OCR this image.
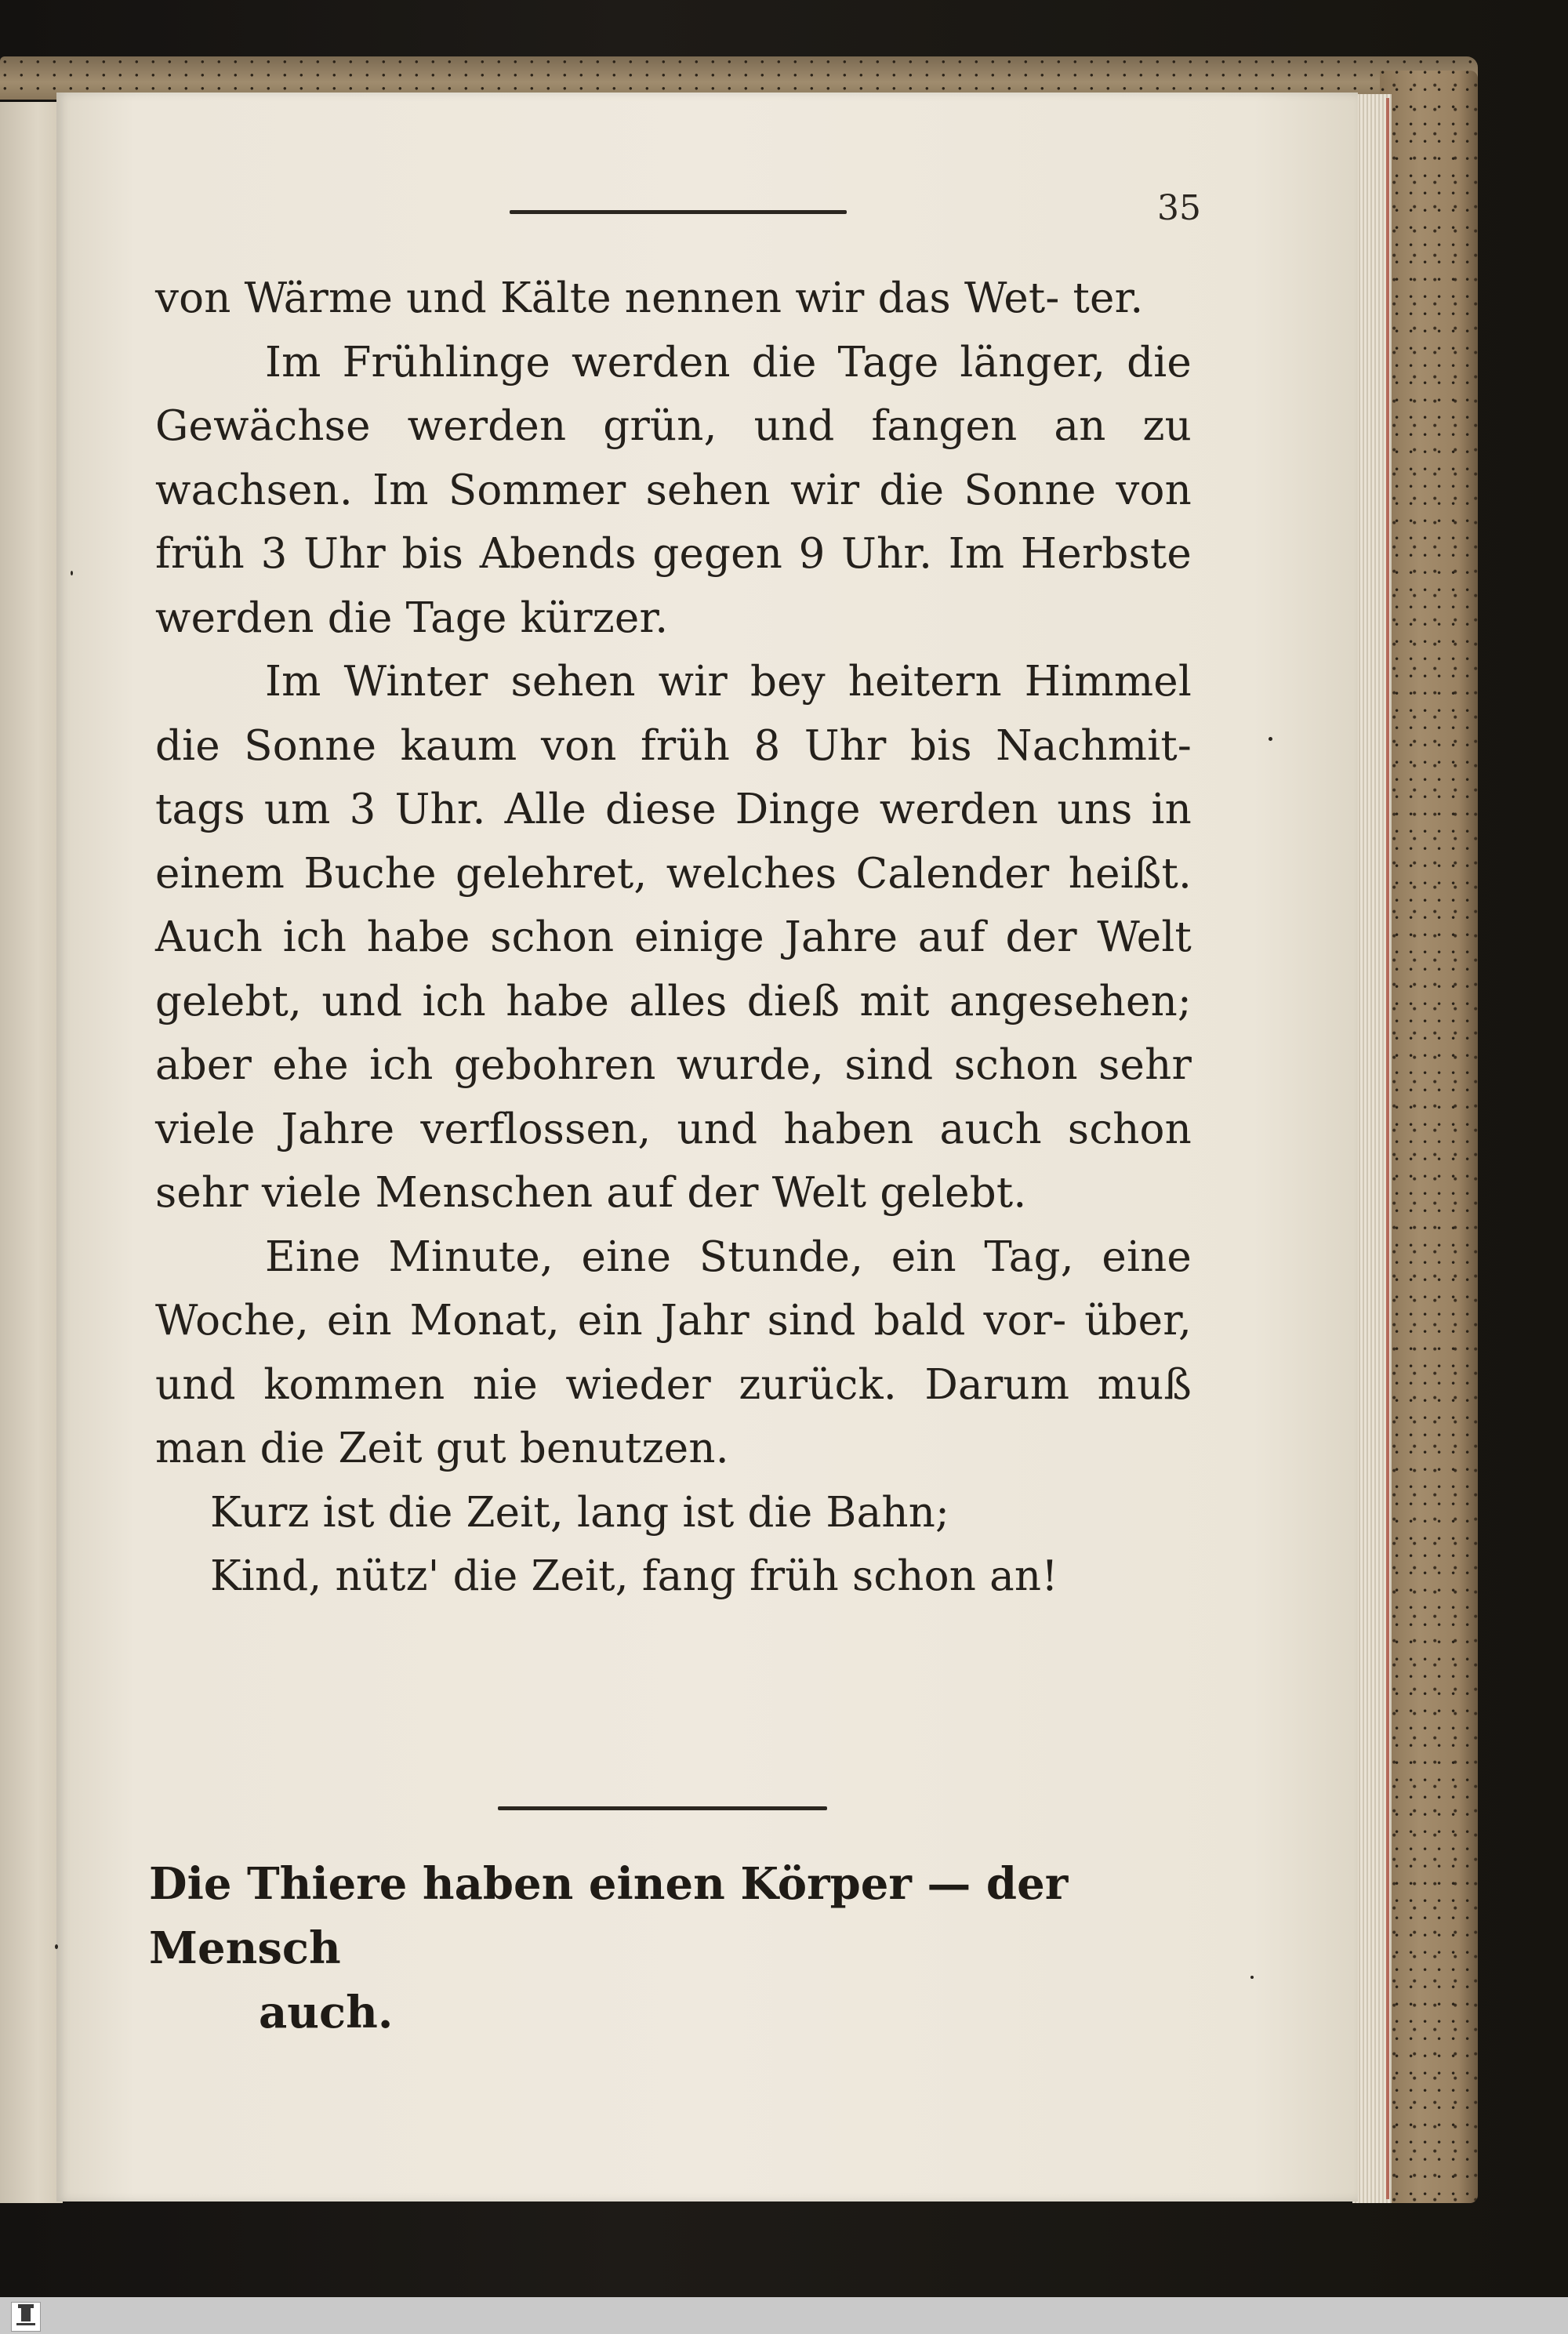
35

von Wärme und Kälte nennen wir das Wet- ter.

Im Frühlinge werden die Tage länger, die Gewächse werden grün, und fangen an zu wachsen. Im Sommer sehen wir die Sonne von früh 3 Uhr bis Abends gegen 9 Uhr. Im Herbste werden die Tage kürzer.

Im Winter sehen wir bey heitern Himmel die Sonne kaum von früh 8 Uhr bis Nachmit- tags um 3 Uhr. Alle diese Dinge werden uns in einem Buche gelehret, welches Calender heißt. Auch ich habe schon einige Jahre auf der Welt gelebt, und ich habe alles dieß mit angesehen; aber ehe ich gebohren wurde, sind schon sehr viele Jahre verflossen, und haben auch schon sehr viele Menschen auf der Welt gelebt.

Eine Minute, eine Stunde, ein Tag, eine Woche, ein Monat, ein Jahr sind bald vor- über, und kommen nie wieder zurück. Darum muß man die Zeit gut benutzen.

Kurz ist die Zeit, lang ist die Bahn;

Kind, nütz' die Zeit, fang früh schon an!

Die Thiere haben einen Körper — der Mensch
auch.
